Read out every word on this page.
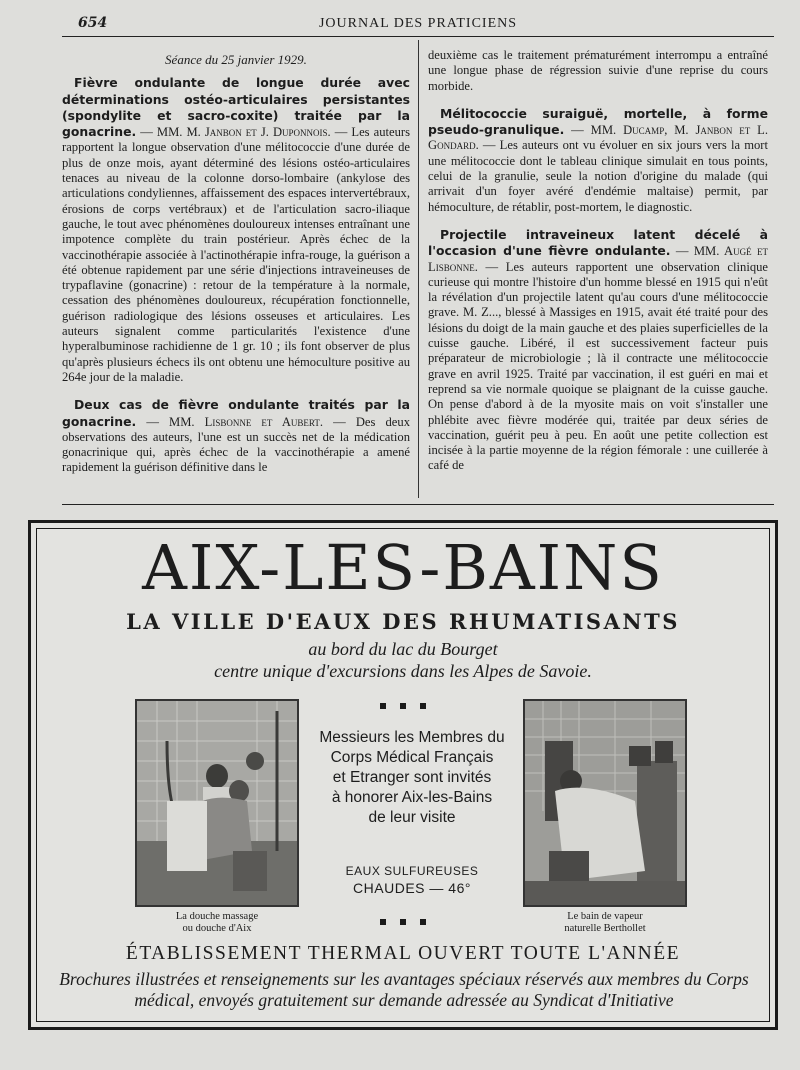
654	JOURNAL DES PRATICIENS
Séance du 25 janvier 1929.

Fièvre ondulante de longue durée avec déterminations ostéo-articulaires persistantes (spondylite et sacro-coxite) traitée par la gonacrine. — MM. M. Janbon et J. Duponnois. — Les auteurs rapportent la longue observation d'une mélitococcie d'une durée de plus de onze mois, ayant déterminé des lésions ostéo-articulaires tenaces au niveau de la colonne dorso-lombaire (ankylose des articulations condyliennes, affaissement des espaces intervertébraux, érosions de corps vertébraux) et de l'articulation sacro-iliaque gauche, le tout avec phénomènes douloureux intenses entraînant une impotence complète du train postérieur. Après échec de la vaccinothérapie associée à l'actinothérapie infra-rouge, la guérison a été obtenue rapidement par une série d'injections intraveineuses de trypaflavine (gonacrine) : retour de la température à la normale, cessation des phénomènes douloureux, récupération fonctionnelle, guérison radiologique des lésions osseuses et articulaires. Les auteurs signalent comme particularités l'existence d'une hyperalbuminose rachidienne de 1 gr. 10 ; ils font observer de plus qu'après plusieurs échecs ils ont obtenu une hémoculture positive au 264e jour de la maladie.

Deux cas de fièvre ondulante traités par la gonacrine. — MM. Lisbonne et Aubert. — Des deux observations des auteurs, l'une est un succès net de la médication gonacrinique qui, après échec de la vaccinothérapie a amené rapidement la guérison définitive dans le

deuxième cas le traitement prématurément interrompu a entraîné une longue phase de régression suivie d'une reprise du cours morbide.

Mélitococcie suraiguë, mortelle, à forme pseudo-granulique. — MM. Ducamp, M. Janbon et L. Gondard. — Les auteurs ont vu évoluer en six jours vers la mort une mélitococcie dont le tableau clinique simulait en tous points, celui de la granulie, seule la notion d'origine du malade (qui arrivait d'un foyer avéré d'endémie maltaise) permit, par hémoculture, de rétablir, post-mortem, le diagnostic.

Projectile intraveineux latent décelé à l'occasion d'une fièvre ondulante. — MM. Augé et Lisbonne. — Les auteurs rapportent une observation clinique curieuse qui montre l'histoire d'un homme blessé en 1915 qui n'eût la révélation d'un projectile latent qu'au cours d'une mélitococcie grave. M. Z..., blessé à Massiges en 1915, avait été traité pour des lésions du doigt de la main gauche et des plaies superficielles de la cuisse gauche. Libéré, il est successivement facteur puis préparateur de microbiologie ; là il contracte une mélitococcie grave en avril 1925. Traité par vaccination, il est guéri en mai et reprend sa vie normale quoique se plaignant de la cuisse gauche. On pense d'abord à de la myosite mais on voit s'installer une phlébite avec fièvre modérée qui, traitée par deux séries de vaccination, guérit peu à peu. En août une petite collection est incisée à la partie moyenne de la région fémorale : une cuillerée à café de

AIX-LES-BAINS
LA VILLE D'EAUX DES RHUMATISANTS
au bord du lac du Bourget
centre unique d'excursions dans les Alpes de Savoie.
La douche massage
ou douche d'Aix
Messieurs les Membres du
Corps Médical Français
et Etranger sont invités
à honorer Aix-les-Bains
de leur visite
EAUX SULFUREUSES
CHAUDES — 46°
Le bain de vapeur
naturelle Berthollet
ÉTABLISSEMENT THERMAL OUVERT TOUTE L'ANNÉE
Brochures illustrées et renseignements sur les avantages spéciaux réservés aux membres du Corps médical, envoyés gratuitement sur demande adressée au Syndicat d'Initiative
